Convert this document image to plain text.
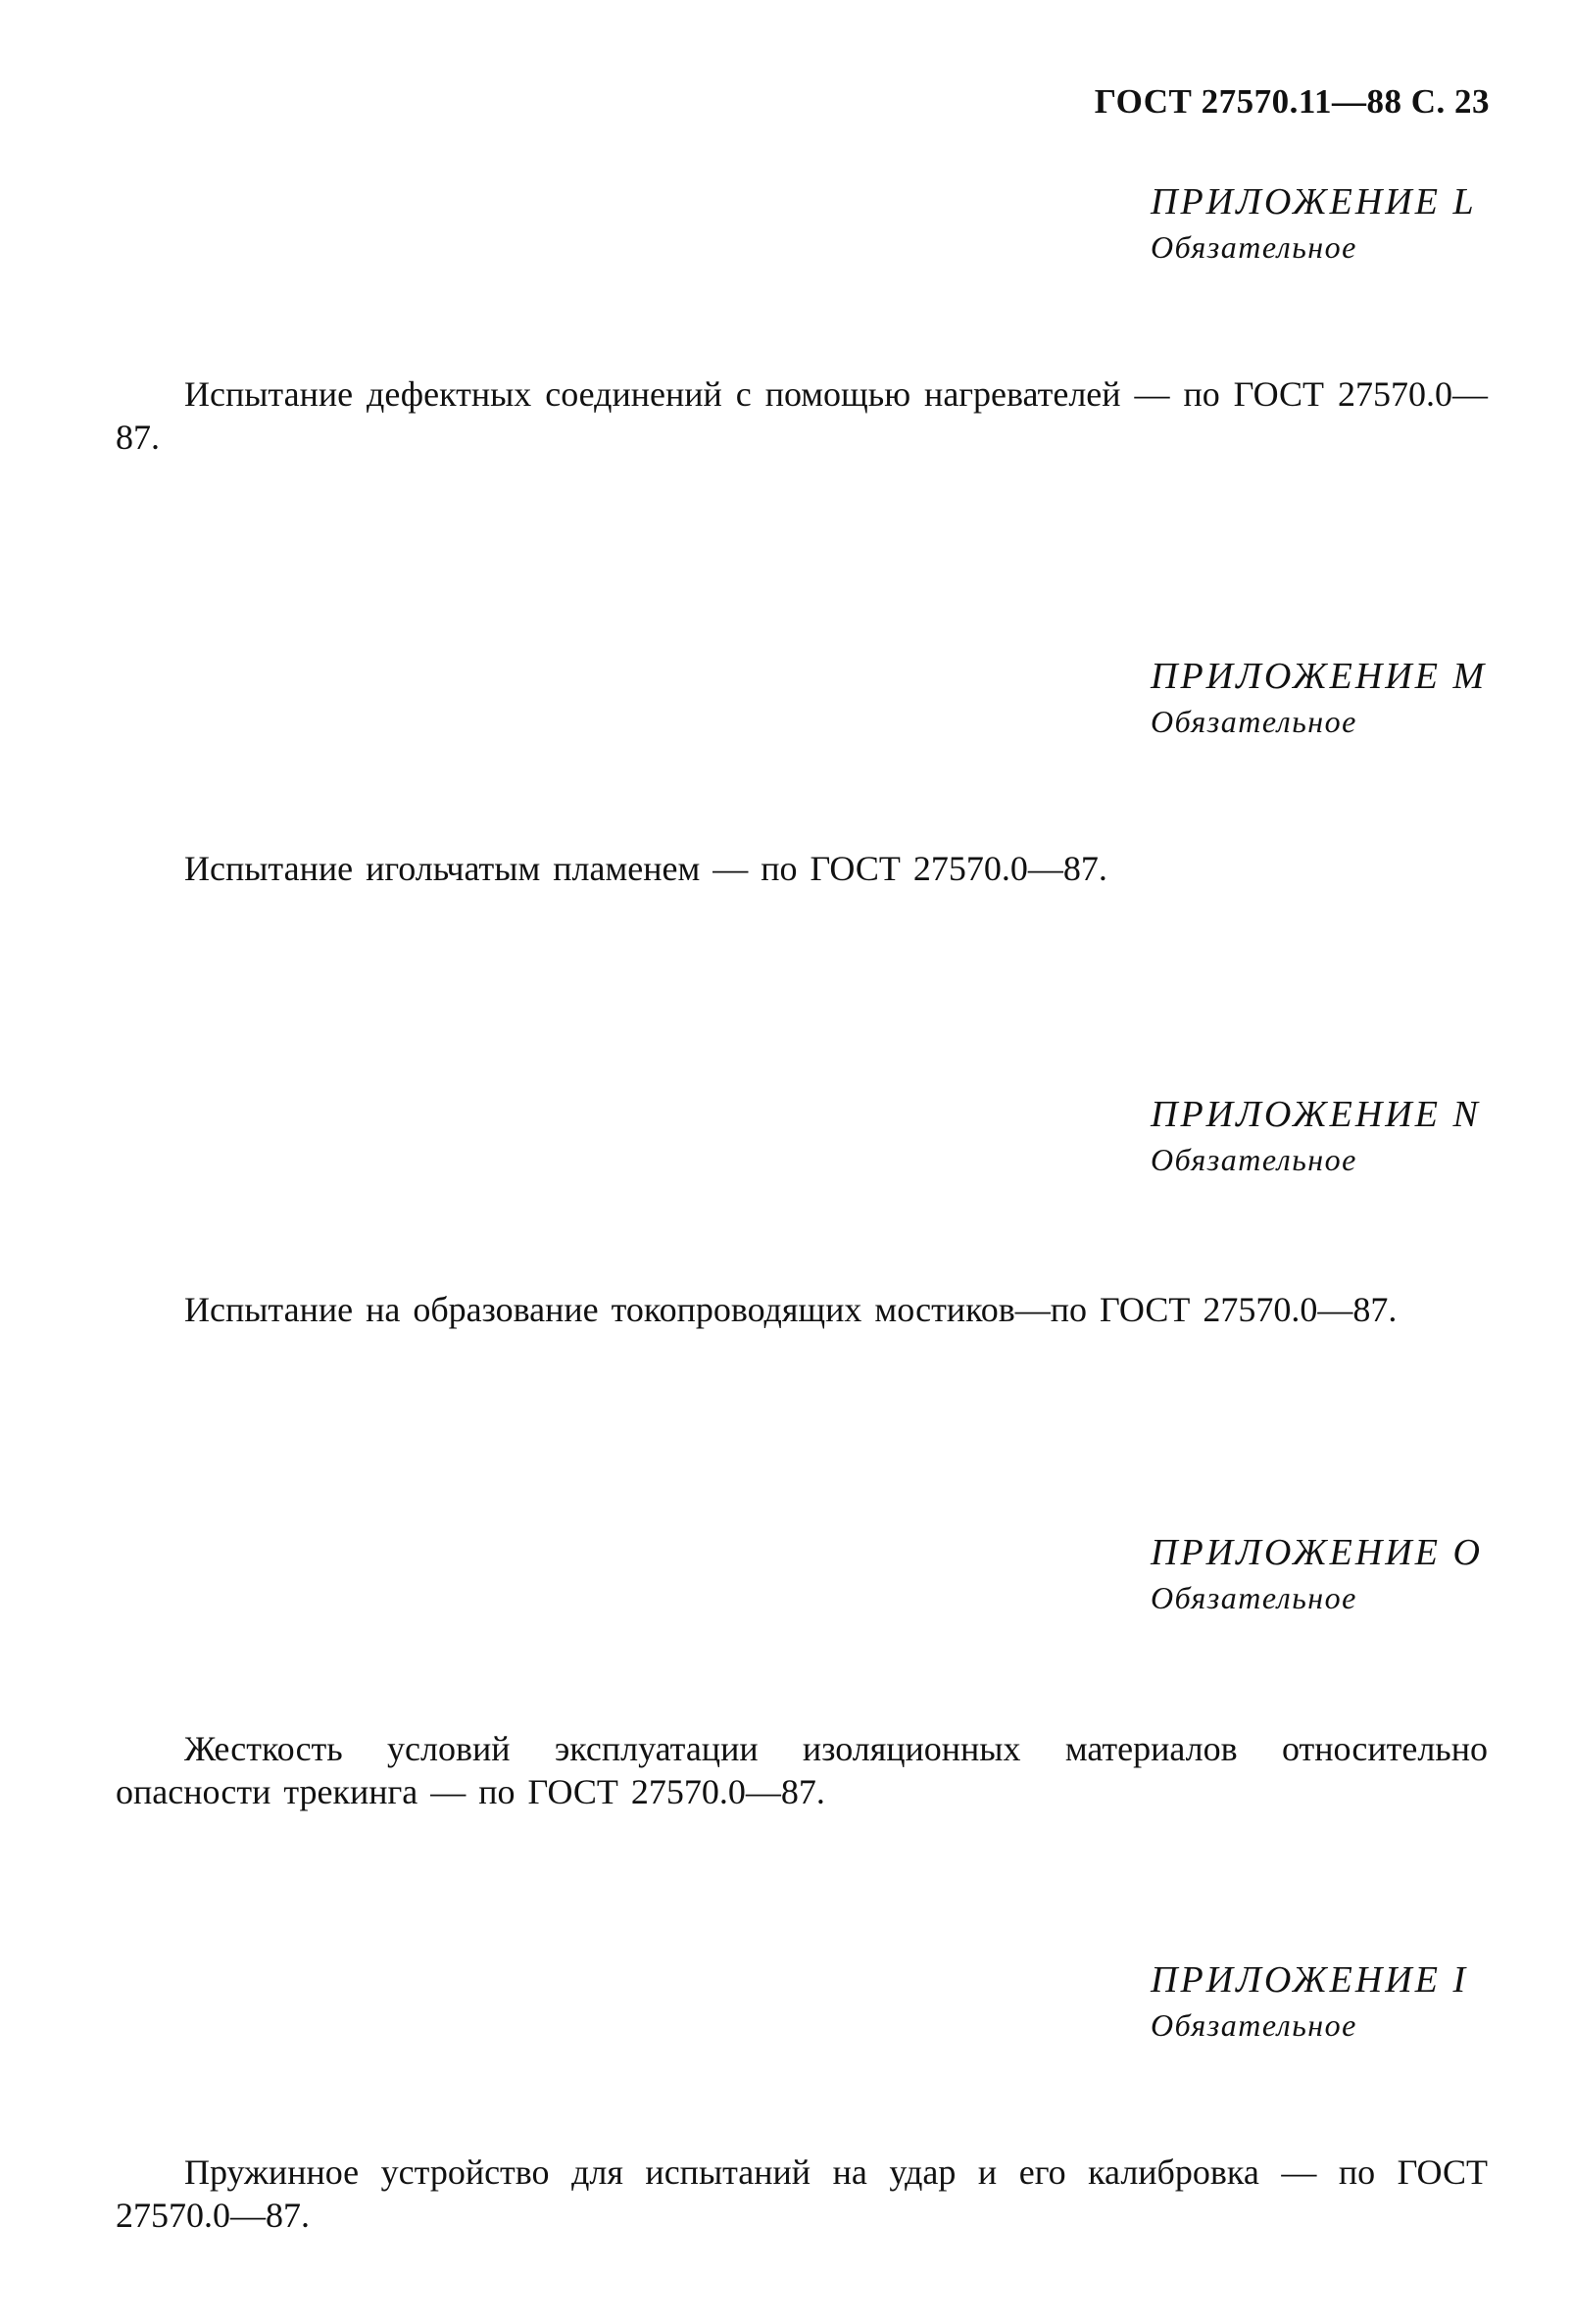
ГОСТ 27570.11—88 С. 23
ПРИЛОЖЕНИЕ L
Обязательное
Испытание дефектных соединений с помощью нагревателей — по ГОСТ 27570.0—87.
ПРИЛОЖЕНИЕ M
Обязательное
Испытание игольчатым пламенем — по ГОСТ 27570.0—87.
ПРИЛОЖЕНИЕ N
Обязательное
Испытание на образование токопроводящих мостиков—по ГОСТ 27570.0—87.
ПРИЛОЖЕНИЕ O
Обязательное
Жесткость условий эксплуатации изоляционных материалов относительно опасности трекинга — по ГОСТ 27570.0—87.
ПРИЛОЖЕНИЕ I
Обязательное
Пружинное устройство для испытаний на удар и его калибровка — по ГОСТ 27570.0—87.
